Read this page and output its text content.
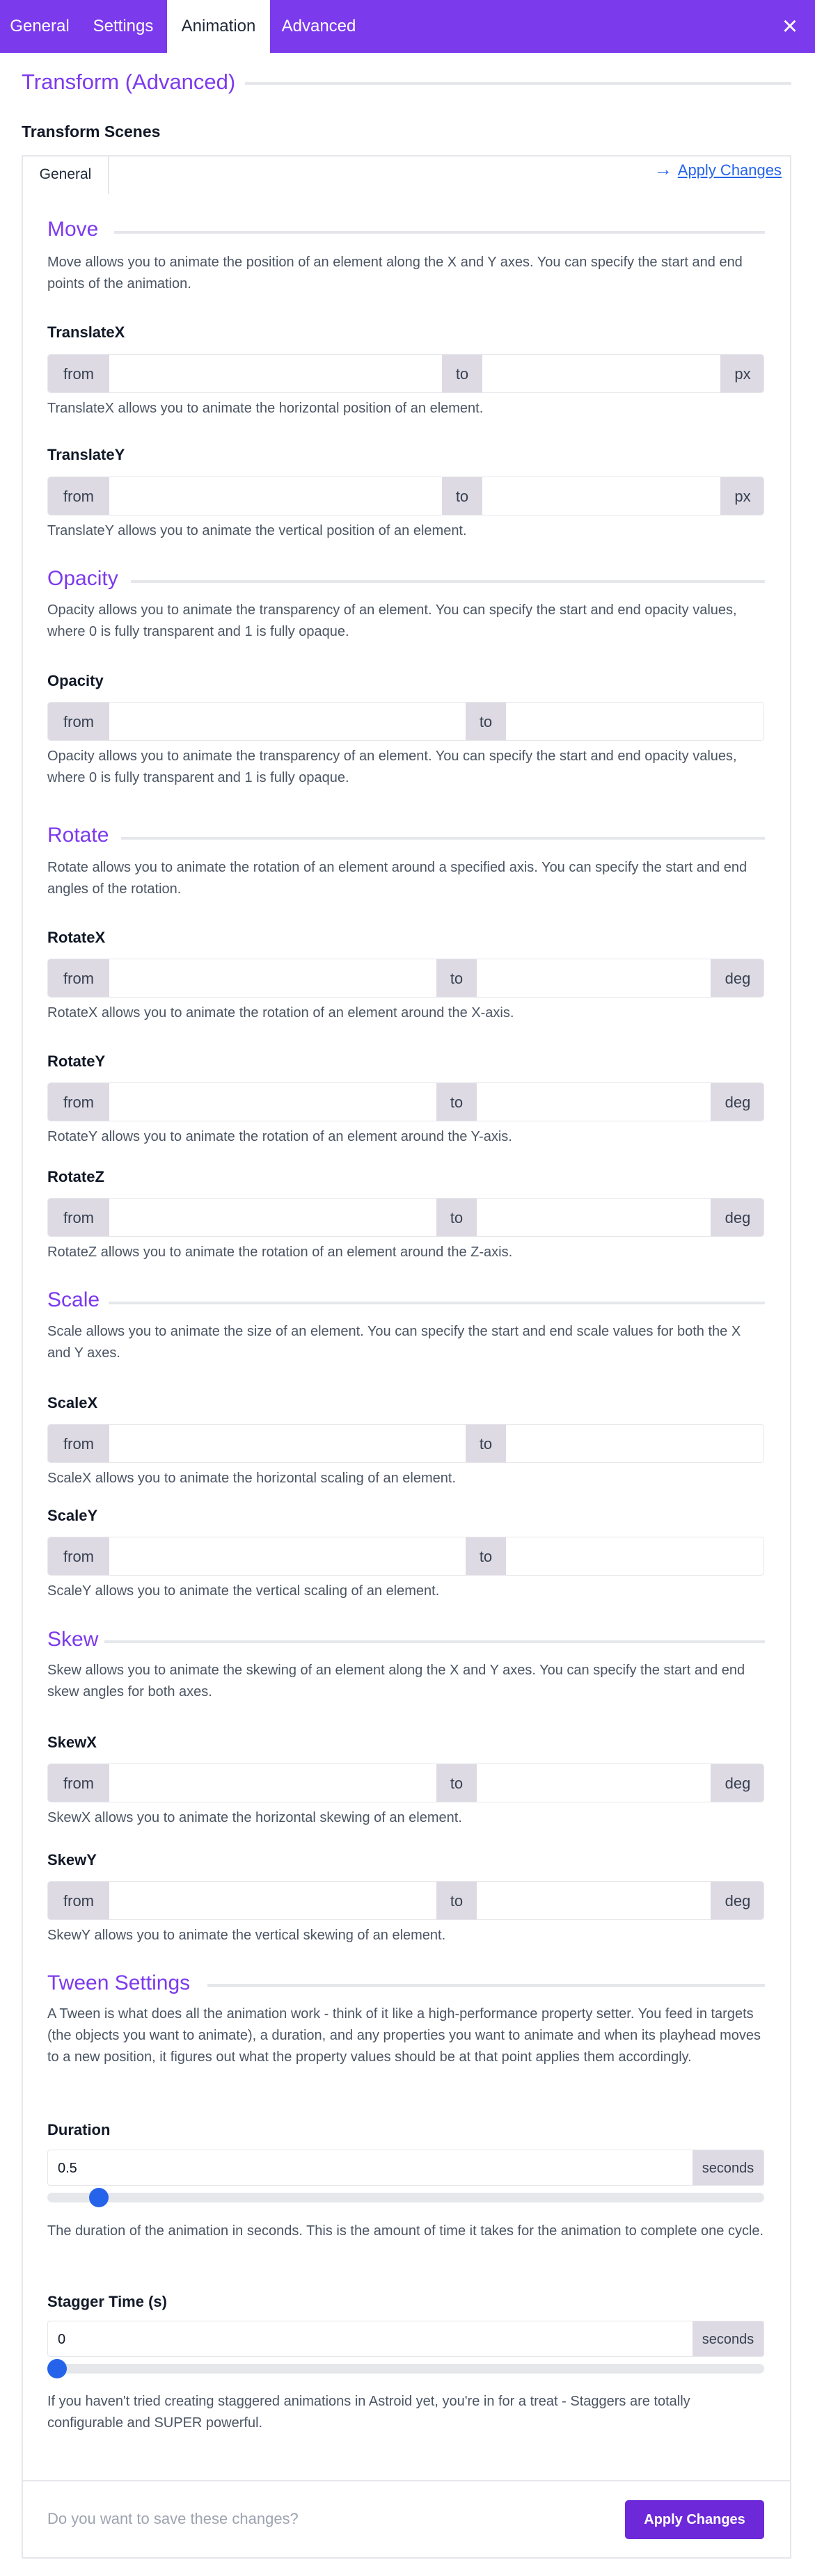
General	Settings	Animation	Advanced	×
Transform (Advanced)
Transform Scenes
General	→ Apply Changes
Move
Move allows you to animate the position of an element along the X and Y axes. You can specify the start and end points of the animation.
TranslateX
from	to	px
TranslateX allows you to animate the horizontal position of an element.
TranslateY
from	to	px
TranslateY allows you to animate the vertical position of an element.
Opacity
Opacity allows you to animate the transparency of an element. You can specify the start and end opacity values, where 0 is fully transparent and 1 is fully opaque.
Opacity
from	to
Opacity allows you to animate the transparency of an element. You can specify the start and end opacity values, where 0 is fully transparent and 1 is fully opaque.
Rotate
Rotate allows you to animate the rotation of an element around a specified axis. You can specify the start and end angles of the rotation.
RotateX
from	to	deg
RotateX allows you to animate the rotation of an element around the X-axis.
RotateY
from	to	deg
RotateY allows you to animate the rotation of an element around the Y-axis.
RotateZ
from	to	deg
RotateZ allows you to animate the rotation of an element around the Z-axis.
Scale
Scale allows you to animate the size of an element. You can specify the start and end scale values for both the X and Y axes.
ScaleX
from	to
ScaleX allows you to animate the horizontal scaling of an element.
ScaleY
from	to
ScaleY allows you to animate the vertical scaling of an element.
Skew
Skew allows you to animate the skewing of an element along the X and Y axes. You can specify the start and end skew angles for both axes.
SkewX
from	to	deg
SkewX allows you to animate the horizontal skewing of an element.
SkewY
from	to	deg
SkewY allows you to animate the vertical skewing of an element.
Tween Settings
A Tween is what does all the animation work - think of it like a high-performance property setter. You feed in targets (the objects you want to animate), a duration, and any properties you want to animate and when its playhead moves to a new position, it figures out what the property values should be at that point applies them accordingly.
Duration
0.5	seconds
The duration of the animation in seconds. This is the amount of time it takes for the animation to complete one cycle.
Stagger Time (s)
0	seconds
If you haven't tried creating staggered animations in Astroid yet, you're in for a treat - Staggers are totally configurable and SUPER powerful.
Do you want to save these changes?	Apply Changes
